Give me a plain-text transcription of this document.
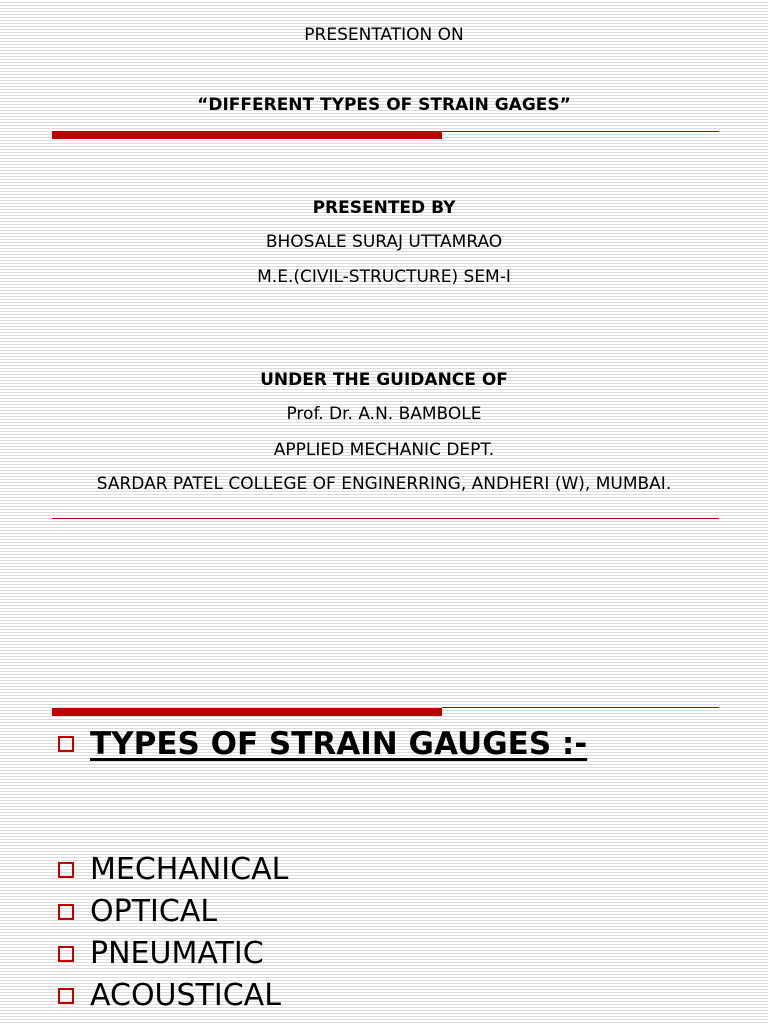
PRESENTATION ON
“DIFFERENT TYPES OF STRAIN GAGES”
PRESENTED BY
BHOSALE SURAJ UTTAMRAO
M.E.(CIVIL-STRUCTURE) SEM-I
UNDER THE GUIDANCE OF
Prof. Dr. A.N. BAMBOLE
APPLIED MECHANIC DEPT.
SARDAR PATEL COLLEGE OF ENGINERRING, ANDHERI (W), MUMBAI.
TYPES OF STRAIN GAUGES :-
MECHANICAL
OPTICAL
PNEUMATIC
ACOUSTICAL
